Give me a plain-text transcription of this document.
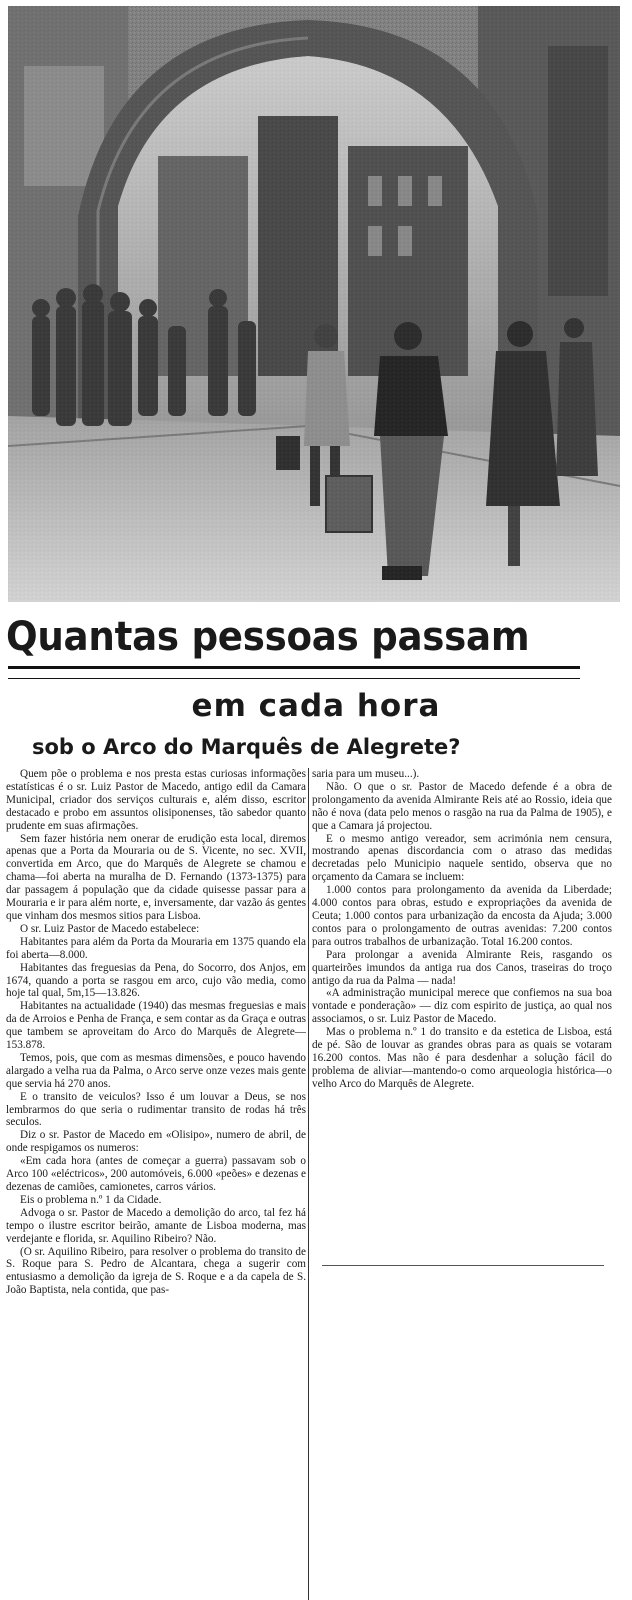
Quantas pessoas passam
em cada hora
sob o Arco do Marquês de Alegrete?

Quem põe o problema e nos presta estas curiosas informações estatísticas é o sr. Luiz Pastor de Macedo, antigo edil da Camara Municipal, criador dos serviços culturais e, além disso, escritor destacado e probo em assuntos olisiponenses, tão sabedor quanto prudente em suas afirmações.

Sem fazer história nem onerar de erudição esta local, diremos apenas que a Porta da Mouraria ou de S. Vicente, no sec. XVII, convertida em Arco, que do Marquês de Alegrete se chamou e chama—foi aberta na muralha de D. Fernando (1373-1375) para dar passagem á população que da cidade quisesse passar para a Mouraria e ir para além norte, e, inversamente, dar vazão ás gentes que vinham dos mesmos sitios para Lisboa.

O sr. Luiz Pastor de Macedo estabelece:

Habitantes para além da Porta da Mouraria em 1375 quando ela foi aberta—8.000.

Habitantes das freguesias da Pena, do Socorro, dos Anjos, em 1674, quando a porta se rasgou em arco, cujo vão media, como hoje tal qual, 5m,15—13.826.

Habitantes na actualidade (1940) das mesmas freguesias e mais da de Arroios e Penha de França, e sem contar as da Graça e outras que tambem se aproveitam do Arco do Marquês de Alegrete—153.878.

Temos, pois, que com as mesmas dimensões, e pouco havendo alargado a velha rua da Palma, o Arco serve onze vezes mais gente que servia há 270 anos.

E o transito de veiculos? Isso é um louvar a Deus, se nos lembrarmos do que seria o rudimentar transito de rodas há três seculos.

Diz o sr. Pastor de Macedo em «Olisipo», numero de abril, de onde respigamos os numeros:

«Em cada hora (antes de começar a guerra) passavam sob o Arco 100 «eléctricos», 200 automóveis, 6.000 «peões» e dezenas e dezenas de camiões, camionetes, carros vários.

Eis o problema n.º 1 da Cidade.

Advoga o sr. Pastor de Macedo a demolição do arco, tal fez há tempo o ilustre escritor beirão, amante de Lisboa moderna, mas verdejante e florida, sr. Aquilino Ribeiro? Não.

(O sr. Aquilino Ribeiro, para resolver o problema do transito de S. Roque para S. Pedro de Alcantara, chega a sugerir com entusiasmo a demolição da igreja de S. Roque e a da capela de S. João Baptista, nela contida, que pas-

saria para um museu...).

Não. O que o sr. Pastor de Macedo defende é a obra de prolongamento da avenida Almirante Reis até ao Rossio, ideia que não é nova (data pelo menos o rasgão na rua da Palma de 1905), e que a Camara já projectou.

E o mesmo antigo vereador, sem acrimónia nem censura, mostrando apenas discordancia com o atraso das medidas decretadas pelo Municipio naquele sentido, observa que no orçamento da Camara se incluem:

1.000 contos para prolongamento da avenida da Liberdade; 4.000 contos para obras, estudo e expropriações da avenida de Ceuta; 1.000 contos para urbanização da encosta da Ajuda; 3.000 contos para o prolongamento de outras avenidas: 7.200 contos para outros trabalhos de urbanização. Total 16.200 contos.

Para prolongar a avenida Almirante Reis, rasgando os quarteirões imundos da antiga rua dos Canos, traseiras do troço antigo da rua da Palma — nada!

«A administração municipal merece que confiemos na sua boa vontade e ponderação» — diz com espirito de justiça, ao qual nos associamos, o sr. Luiz Pastor de Macedo.

Mas o problema n.º 1 do transito e da estetica de Lisboa, está de pé. São de louvar as grandes obras para as quais se votaram 16.200 contos. Mas não é para desdenhar a solução fácil do problema de aliviar—mantendo-o como arqueologia histórica—o velho Arco do Marquês de Alegrete.
